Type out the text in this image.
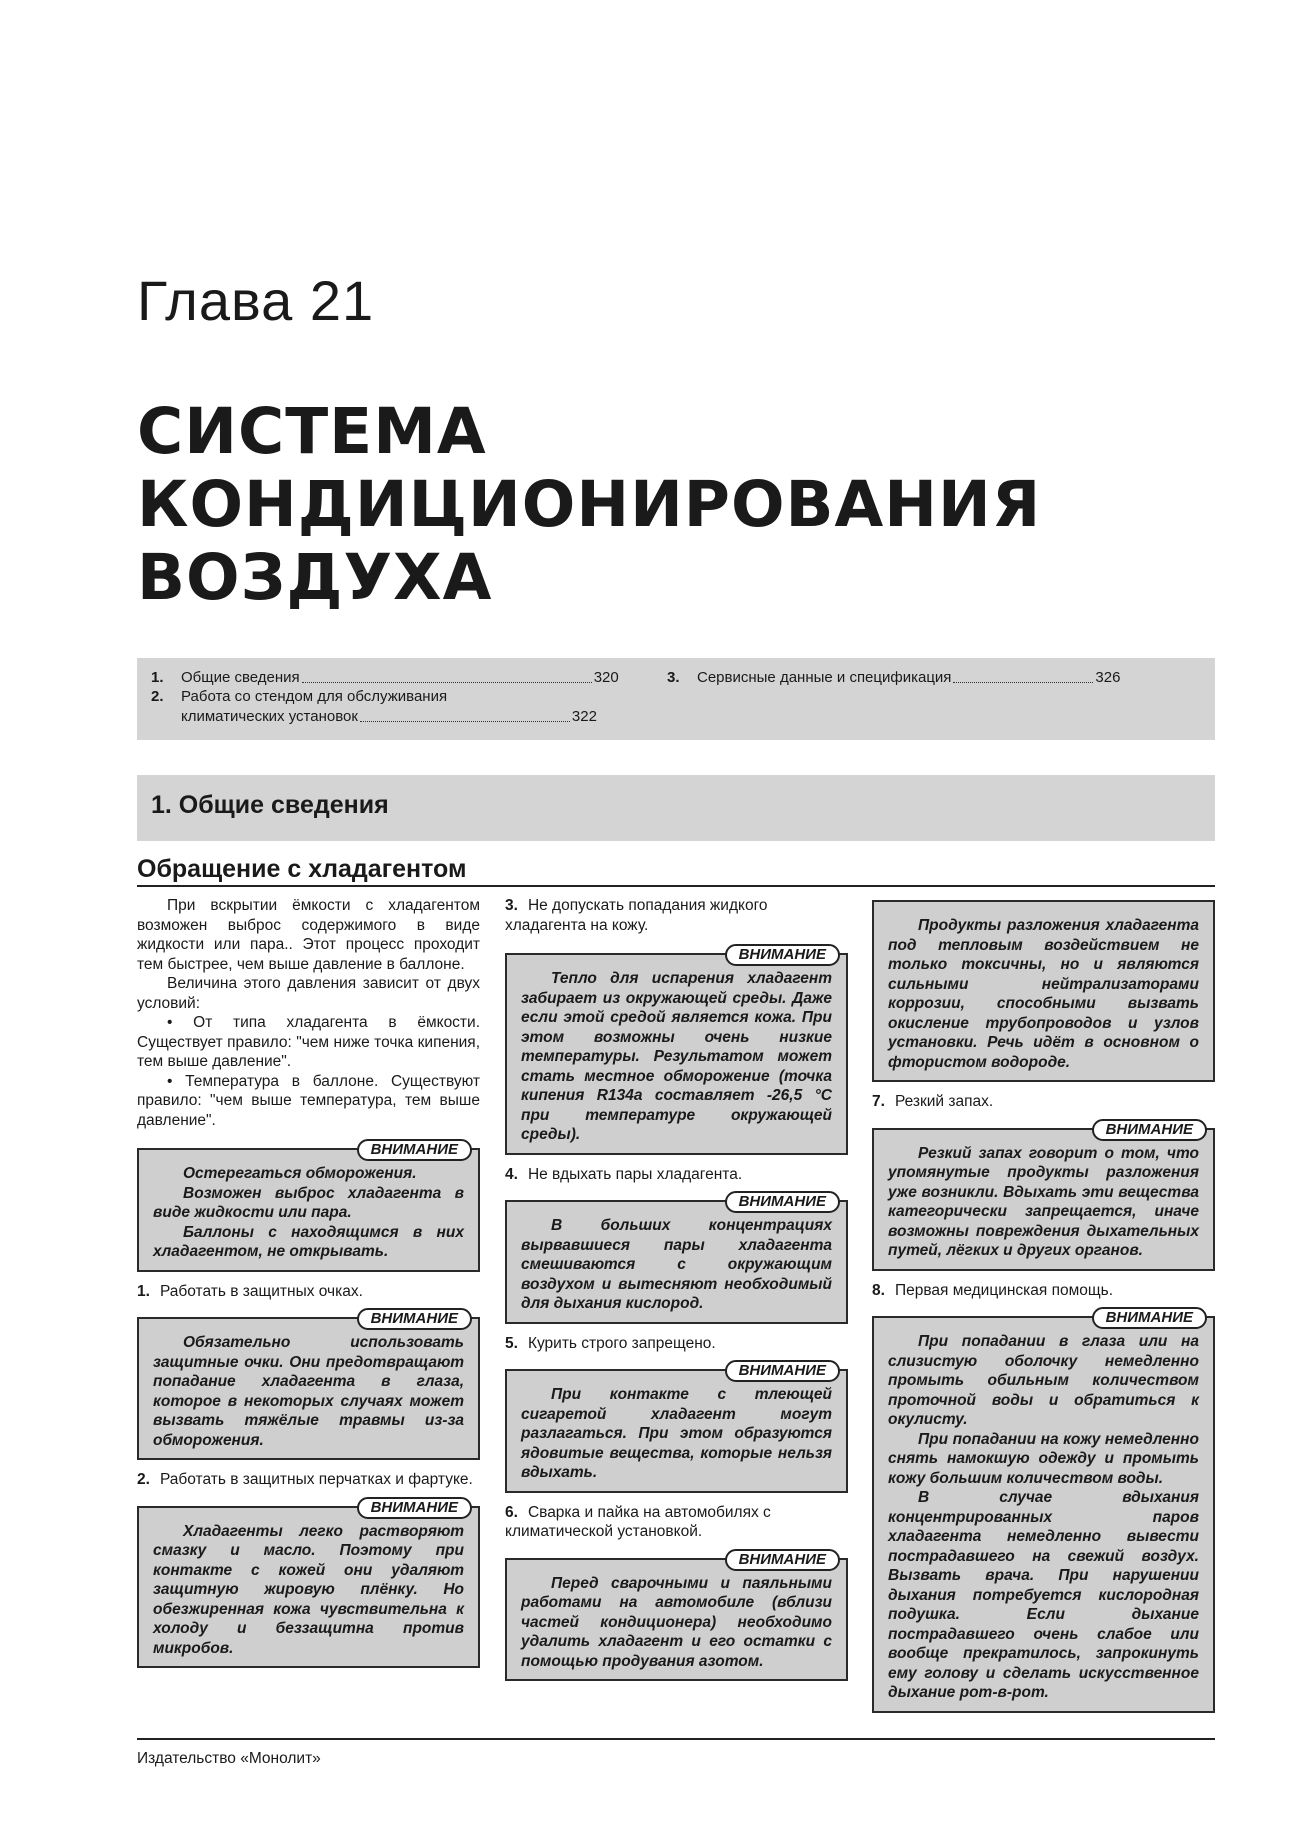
Глава 21
СИСТЕМА
КОНДИЦИОНИРОВАНИЯ
ВОЗДУХА
1. Общие сведения	320
2. Работа со стендом для обслуживания
климатических установок	322
3. Сервисные данные и спецификация	326
1. Общие сведения
Обращение с хладагентом

При вскрытии ёмкости с хладагентом возможен выброс содержимого в виде жидкости или пара.. Этот процесс проходит тем быстрее, чем выше давление в баллоне.

Величина этого давления зависит от двух условий:

• От типа хладагента в ёмкости. Существует правило: "чем ниже точка кипения, тем выше давление".

• Температура в баллоне. Существуют правило: "чем выше температура, тем выше давление".

ВНИМАНИЕ

Остерегаться обморожения.

Возможен выброс хладагента в виде жидкости или пара.

Баллоны с находящимся в них хладагентом, не открывать.

1. Работать в защитных очках.

ВНИМАНИЕ

Обязательно использовать защитные очки. Они предотвращают попадание хладагента в глаза, которое в некоторых случаях может вызвать тяжёлые травмы из-за обморожения.

2. Работать в защитных перчатках и фартуке.

ВНИМАНИЕ

Хладагенты легко растворяют смазку и масло. Поэтому при контакте с кожей они удаляют защитную жировую плёнку. Но обезжиренная кожа чувствительна к холоду и беззащитна против микробов.

3. Не допускать попадания жидкого хладагента на кожу.

ВНИМАНИЕ

Тепло для испарения хладагент забирает из окружающей среды. Даже если этой средой является кожа. При этом возможны очень низкие температуры. Результатом может стать местное обморожение (точка кипения R134a составляет -26,5 °С при температуре окружающей среды).

4. Не вдыхать пары хладагента.

ВНИМАНИЕ

В больших концентрациях вырвавшиеся пары хладагента смешиваются с окружающим воздухом и вытесняют необходимый для дыхания кислород.

5. Курить строго запрещено.

ВНИМАНИЕ

При контакте с тлеющей сигаретой хладагент могут разлагаться. При этом образуются ядовитые вещества, которые нельзя вдыхать.

6. Сварка и пайка на автомобилях с климатической установкой.

ВНИМАНИЕ

Перед сварочными и паяльными работами на автомобиле (вблизи частей кондиционера) необходимо удалить хладагент и его остатки с помощью продувания азотом.

Продукты разложения хладагента под тепловым воздействием не только токсичны, но и являются сильными нейтрализаторами коррозии, способными вызвать окисление трубопроводов и узлов установки. Речь идёт в основном о фтористом водороде.

7. Резкий запах.

ВНИМАНИЕ

Резкий запах говорит о том, что упомянутые продукты разложения уже возникли. Вдыхать эти вещества категорически запрещается, иначе возможны повреждения дыхательных путей, лёгких и других органов.

8. Первая медицинская помощь.

ВНИМАНИЕ

При попадании в глаза или на слизистую оболочку немедленно промыть обильным количеством проточной воды и обратиться к окулисту.

При попадании на кожу немедленно снять намокшую одежду и промыть кожу большим количеством воды.

В случае вдыхания концентрированных паров хладагента немедленно вывести пострадавшего на свежий воздух. Вызвать врача. При нарушении дыхания потребуется кислородная подушка. Если дыхание пострадавшего очень слабое или вообще прекратилось, запрокинуть ему голову и сделать искусственное дыхание рот-в-рот.

Издательство «Монолит»
